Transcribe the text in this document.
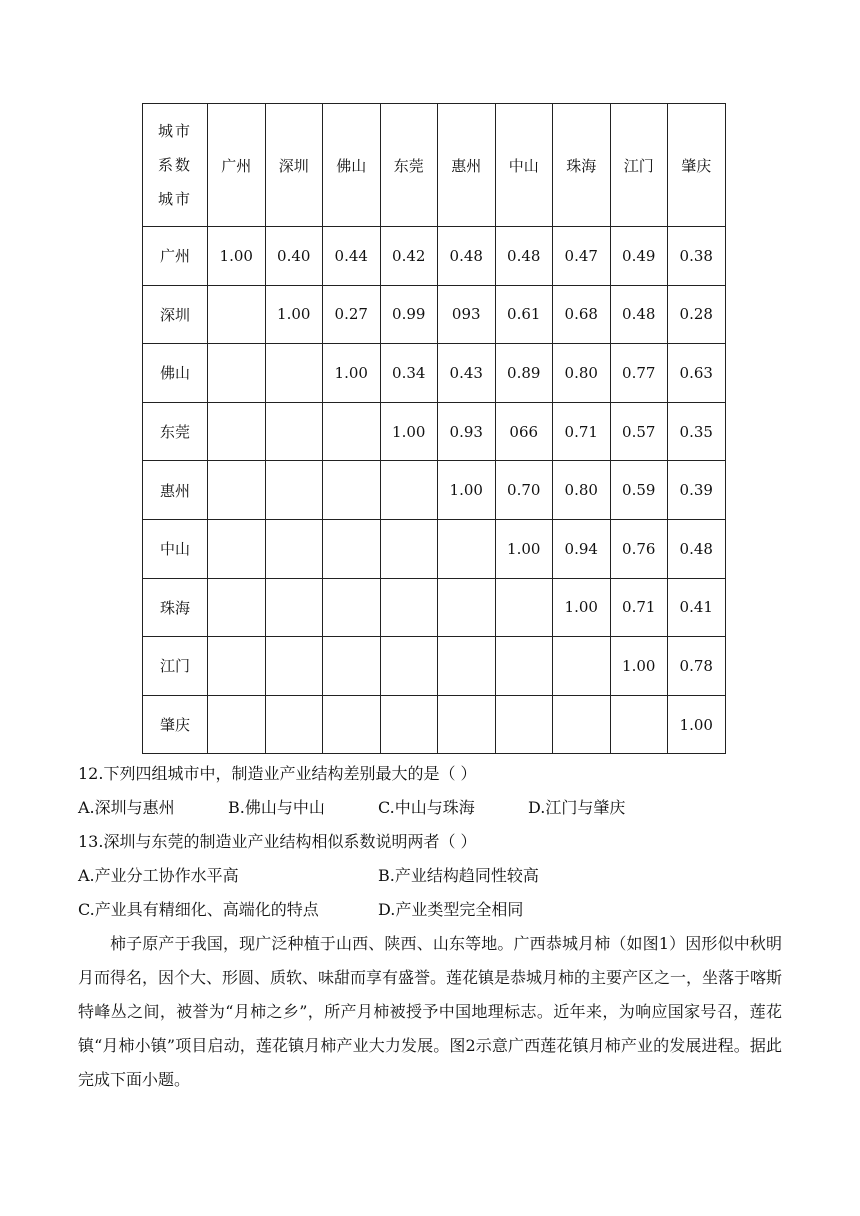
城市
系数
城市	广州	深圳	佛山	东莞	惠州	中山	珠海	江门	肇庆
广州	1.00	0.40	0.44	0.42	0.48	0.48	0.47	0.49	0.38
深圳		1.00	0.27	0.99	093	0.61	0.68	0.48	0.28
佛山			1.00	0.34	0.43	0.89	0.80	0.77	0.63
东莞				1.00	0.93	066	0.71	0.57	0.35
惠州					1.00	0.70	0.80	0.59	0.39
中山						1.00	0.94	0.76	0.48
珠海							1.00	0.71	0.41
江门								1.00	0.78
肇庆									1.00
12.下列四组城市中，制造业产业结构差别最大的是（ ）
A.深圳与惠州	B.佛山与中山	C.中山与珠海	D.江门与肇庆
13.深圳与东莞的制造业产业结构相似系数说明两者（ ）
A.产业分工协作水平高	B.产业结构趋同性较高
C.产业具有精细化、高端化的特点	D.产业类型完全相同
柿子原产于我国，现广泛种植于山西、陕西、山东等地。广西恭城月柿（如图1）因形似中秋明月而得名，因个大、形圆、质软、味甜而享有盛誉。莲花镇是恭城月柿的主要产区之一，坐落于喀斯特峰丛之间，被誉为“月柿之乡”，所产月柿被授予中国地理标志。近年来，为响应国家号召，莲花镇“月柿小镇”项目启动，莲花镇月柿产业大力发展。图2示意广西莲花镇月柿产业的发展进程。据此完成下面小题。
